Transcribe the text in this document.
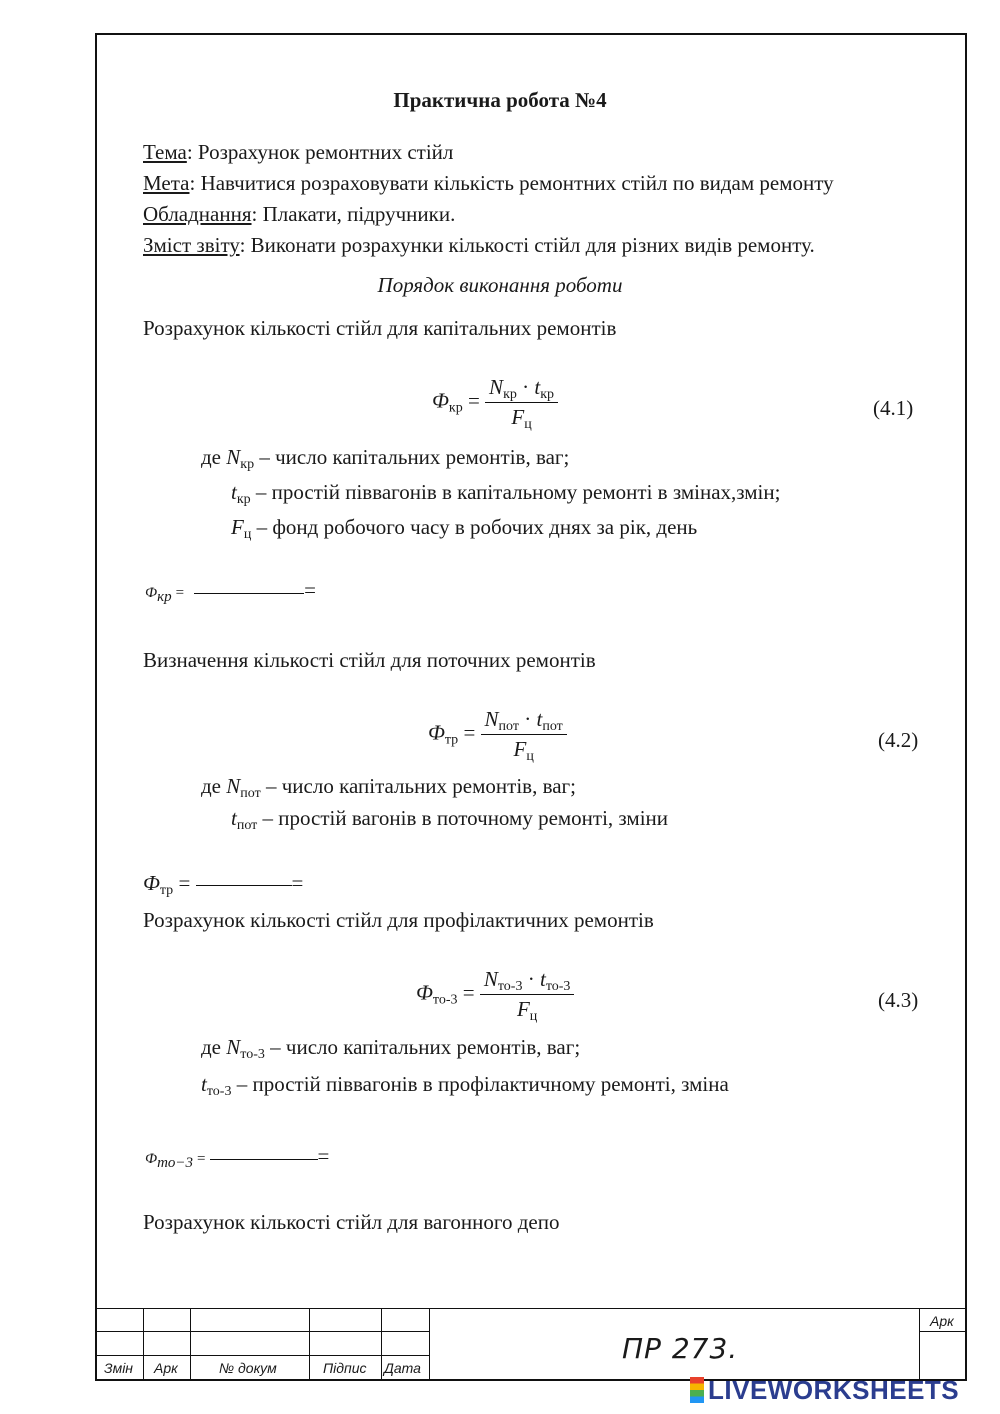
Практична робота №4
Тема: Розрахунок ремонтних стійл
Мета: Навчитися розраховувати кількість ремонтних стійл по видам ремонту
Обладнання: Плакати, підручники.
Зміст звіту: Виконати розрахунки кількості стійл для різних видів ремонту.
Порядок виконання роботи
Розрахунок кількості стійл для капітальних ремонтів
$Ф_{кр} = \frac{N_{кр} \cdot t_{кр}}{F_ц}$	(4.1)
де $N_{кр}$ – число капітальних ремонтів, ваг;
$t_{кр}$ – простій піввагонів в капітальному ремонті в змінах,змін;
$F_ц$ – фонд робочого часу в робочих днях за рік, день
$Ф_{кр}$ =	=
Визначення кількості стійл для поточних ремонтів
$Ф_{тр} = \frac{N_{пот} \cdot t_{пот}}{F_ц}$	(4.2)
де $N_{пот}$ – число капітальних ремонтів, ваг;
$t_{пот}$ – простій вагонів в поточному ремонті, зміни
$Ф_{тр}$ =	=
Розрахунок кількості стійл для профілактичних ремонтів
$Ф_{то-3} = \frac{N_{то-3} \cdot t_{то-3}}{F_ц}$	(4.3)
де $N_{то-3}$ – число капітальних ремонтів, ваг;
$t_{то-3}$ – простій піввагонів в профілактичному ремонті, зміна
$Ф_{то-3}$ =	=
Розрахунок кількості стійл для вагонного депо
Змін Арк	№ докум	Підпис Дата
Арк
ПР 273.
LIVEWORKSHEETS
